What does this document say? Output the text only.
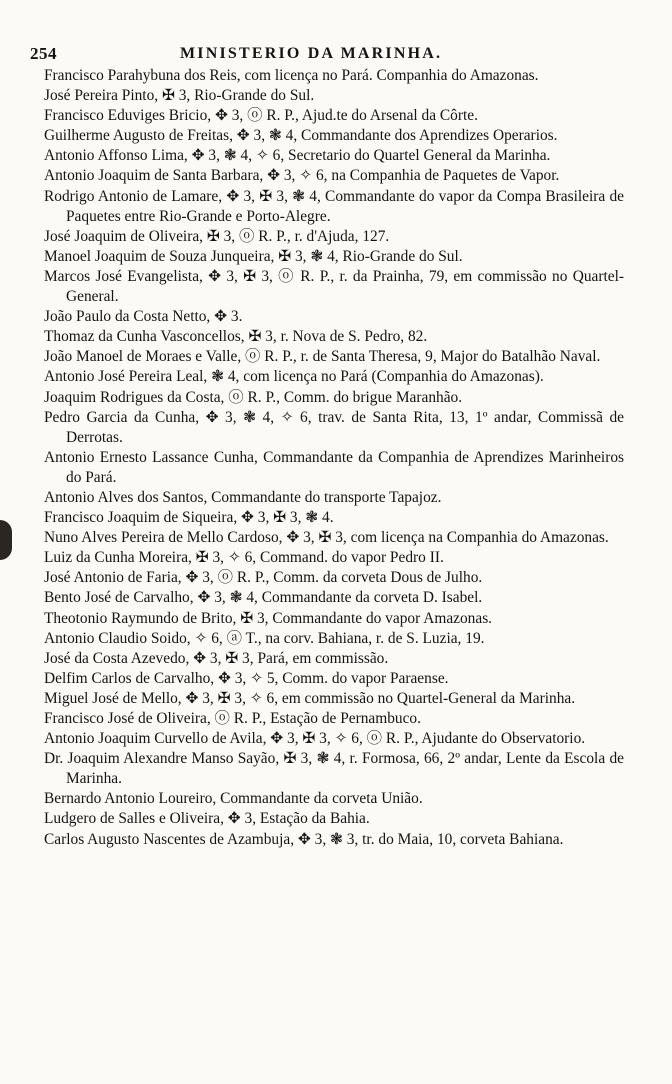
254	MINISTERIO DA MARINHA.
Francisco Parahybuna dos Reis, com licença no Pará. Companhia do Amazonas.
José Pereira Pinto, ✠ 3, Rio-Grande do Sul.
Francisco Eduviges Bricio, ✥ 3, ⓞ R. P., Ajud.te do Arsenal da Côrte.
Guilherme Augusto de Freitas, ✥ 3, ❃ 4, Commandante dos Aprendizes Operarios.
Antonio Affonso Lima, ✥ 3, ❃ 4, ✧ 6, Secretario do Quartel General da Marinha.
Antonio Joaquim de Santa Barbara, ✥ 3, ✧ 6, na Companhia de Paquetes de Vapor.
Rodrigo Antonio de Lamare, ✥ 3, ✠ 3, ❃ 4, Commandante do vapor da Compa Brasileira de Paquetes entre Rio-Grande e Porto-Alegre.
José Joaquim de Oliveira, ✠ 3, ⓞ R. P., r. d'Ajuda, 127.
Manoel Joaquim de Souza Junqueira, ✠ 3, ❃ 4, Rio-Grande do Sul.
Marcos José Evangelista, ✥ 3, ✠ 3, ⓞ R. P., r. da Prainha, 79, em commissão no Quartel-General.
João Paulo da Costa Netto, ✥ 3.
Thomaz da Cunha Vasconcellos, ✠ 3, r. Nova de S. Pedro, 82.
João Manoel de Moraes e Valle, ⓞ R. P., r. de Santa Theresa, 9, Major do Batalhão Naval.
Antonio José Pereira Leal, ❃ 4, com licença no Pará (Companhia do Amazonas).
Joaquim Rodrigues da Costa, ⓞ R. P., Comm. do brigue Maranhão.
Pedro Garcia da Cunha, ✥ 3, ❃ 4, ✧ 6, trav. de Santa Rita, 13, 1º andar, Commissã de Derrotas.
Antonio Ernesto Lassance Cunha, Commandante da Companhia de Aprendizes Marinheiros do Pará.
Antonio Alves dos Santos, Commandante do transporte Tapajoz.
Francisco Joaquim de Siqueira, ✥ 3, ✠ 3, ❃ 4.
Nuno Alves Pereira de Mello Cardoso, ✥ 3, ✠ 3, com licença na Companhia do Amazonas.
Luiz da Cunha Moreira, ✠ 3, ✧ 6, Command. do vapor Pedro II.
José Antonio de Faria, ✥ 3, ⓞ R. P., Comm. da corveta Dous de Julho.
Bento José de Carvalho, ✥ 3, ❃ 4, Commandante da corveta D. Isabel.
Theotonio Raymundo de Brito, ✠ 3, Commandante do vapor Amazonas.
Antonio Claudio Soido, ✧ 6, ⓐ T., na corv. Bahiana, r. de S. Luzia, 19.
José da Costa Azevedo, ✥ 3, ✠ 3, Pará, em commissão.
Delfim Carlos de Carvalho, ✥ 3, ✧ 5, Comm. do vapor Paraense.
Miguel José de Mello, ✥ 3, ✠ 3, ✧ 6, em commissão no Quartel-General da Marinha.
Francisco José de Oliveira, ⓞ R. P., Estação de Pernambuco.
Antonio Joaquim Curvello de Avila, ✥ 3, ✠ 3, ✧ 6, ⓞ R. P., Ajudante do Observatorio.
Dr. Joaquim Alexandre Manso Sayão, ✠ 3, ❃ 4, r. Formosa, 66, 2º andar, Lente da Escola de Marinha.
Bernardo Antonio Loureiro, Commandante da corveta União.
Ludgero de Salles e Oliveira, ✥ 3, Estação da Bahia.
Carlos Augusto Nascentes de Azambuja, ✥ 3, ❃ 3, tr. do Maia, 10, corveta Bahiana.
